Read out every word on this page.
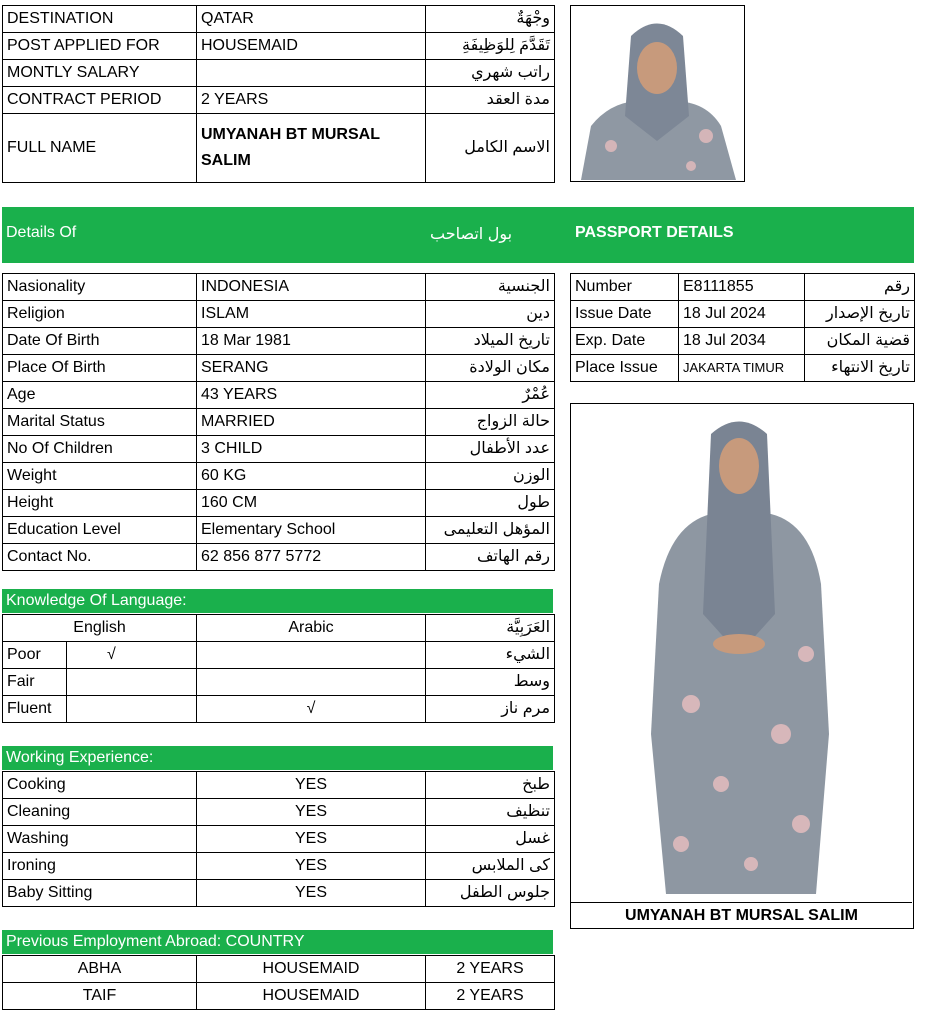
DESTINATION	QATAR	وجْهَةٌ
POST APPLIED FOR	HOUSEMAID	تَقَدَّمَ لِلوَظِيفَةِ
MONTLY SALARY		راتب شهري
CONTRACT PERIOD	2 YEARS	مدة العقد
FULL NAME	UMYANAH BT MURSAL SALIM	الاسم الكامل
Details Of	بول اتصاحب	PASSPORT DETAILS
Nasionality	INDONESIA	الجنسية
Religion	ISLAM	دين
Date Of Birth	18 Mar 1981	تاريخ الميلاد
Place Of Birth	SERANG	مكان الولادة
Age	43 YEARS	عُمْرٌ
Marital Status	MARRIED	حالة الزواج
No Of Children	3 CHILD	عدد الأطفال
Weight	60 KG	الوزن
Height	160 CM	طول
Education Level	Elementary School	المؤهل التعليمى
Contact No.	62 856 877 5772	رقم الهاتف
Number	E8111855	رقم
Issue Date	18 Jul 2024	تاريخ الإصدار
Exp. Date	18 Jul 2034	قضية المكان
Place Issue	JAKARTA TIMUR	تاريخ الانتهاء
UMYANAH BT MURSAL SALIM
Knowledge Of Language:
English		Arabic	العَرَبِيَّة
Poor	√		الشيء
Fair			وسط
Fluent		√	مرم ناز
Working Experience:
Cooking	YES	طبخ
Cleaning	YES	تنظيف
Washing	YES	غسل
Ironing	YES	کی الملابس
Baby Sitting	YES	جلوس الطفل
Previous Employment Abroad: COUNTRY
ABHA	HOUSEMAID	2 YEARS
TAIF	HOUSEMAID	2 YEARS
